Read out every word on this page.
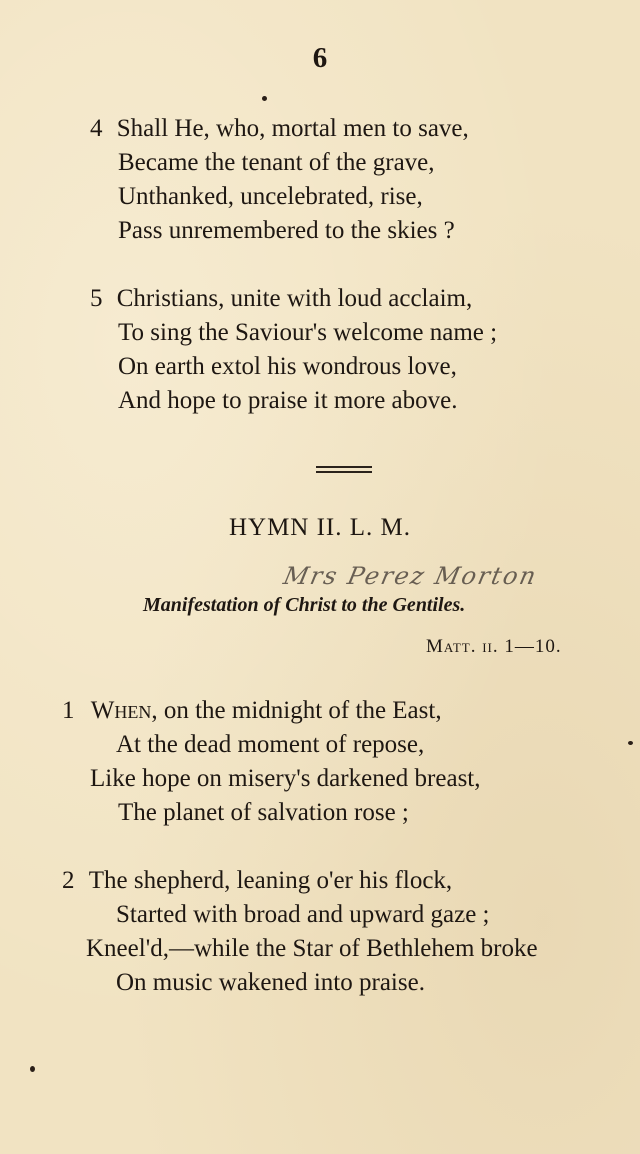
6
4 Shall He, who, mortal men to save,
Became the tenant of the grave,
Unthanked, uncelebrated, rise,
Pass unremembered to the skies ?
5 Christians, unite with loud acclaim,
To sing the Saviour's welcome name ;
On earth extol his wondrous love,
And hope to praise it more above.
HYMN II. L. M.
Mrs Perez Morton
Manifestation of Christ to the Gentiles.
Matt. ii. 1—10.
1 When, on the midnight of the East,
At the dead moment of repose,
Like hope on misery's darkened breast,
The planet of salvation rose ;
2 The shepherd, leaning o'er his flock,
Started with broad and upward gaze ;
Kneel'd,—while the Star of Bethlehem broke
On music wakened into praise.
